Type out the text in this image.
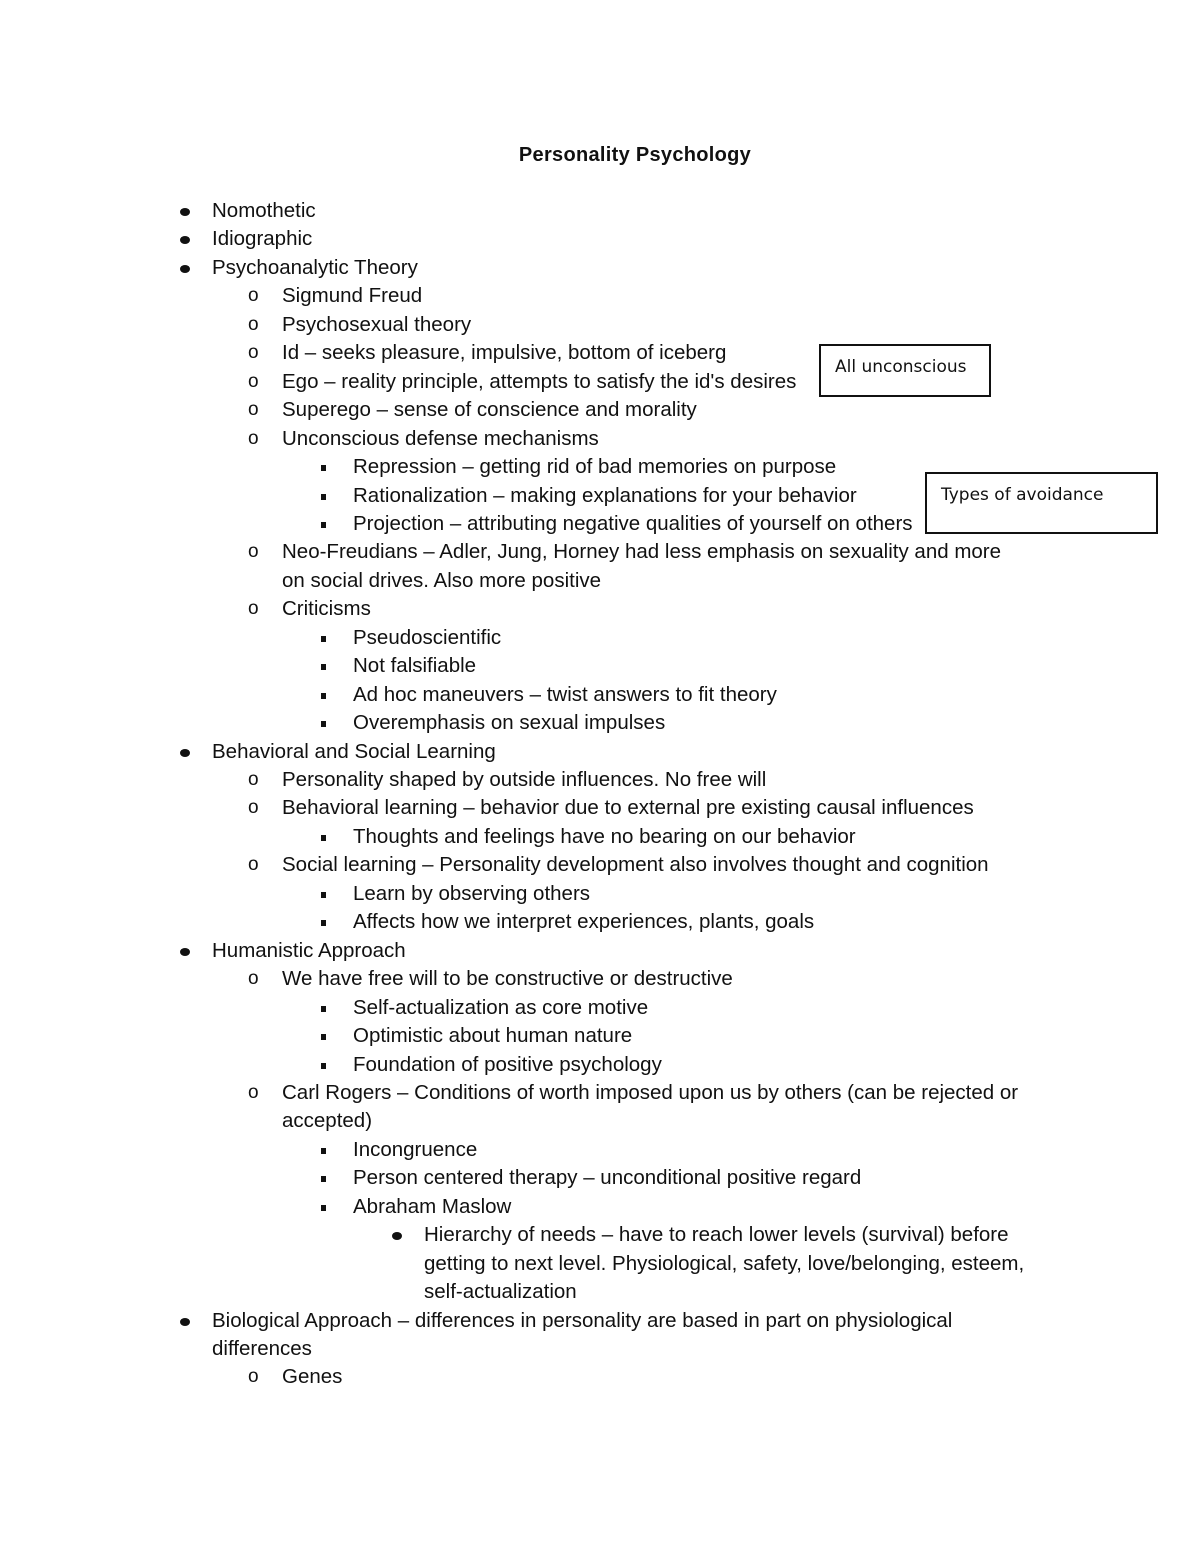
Personality Psychology
Nomothetic
Idiographic
Psychoanalytic Theory
o	Sigmund Freud
o	Psychosexual theory
o	Id – seeks pleasure, impulsive, bottom of iceberg
o	Ego – reality principle, attempts to satisfy the id's desires
o	Superego – sense of conscience and morality
o	Unconscious defense mechanisms
Repression – getting rid of bad memories on purpose
Rationalization – making explanations for your behavior
Projection – attributing negative qualities of yourself on others
o	Neo-Freudians – Adler, Jung, Horney had less emphasis on sexuality and more
on social drives. Also more positive
o	Criticisms
Pseudoscientific
Not falsifiable
Ad hoc maneuvers – twist answers to fit theory
Overemphasis on sexual impulses
Behavioral and Social Learning
o	Personality shaped by outside influences. No free will
o	Behavioral learning – behavior due to external pre existing causal influences
Thoughts and feelings have no bearing on our behavior
o	Social learning – Personality development also involves thought and cognition
Learn by observing others
Affects how we interpret experiences, plants, goals
Humanistic Approach
o	We have free will to be constructive or destructive
Self-actualization as core motive
Optimistic about human nature
Foundation of positive psychology
o	Carl Rogers – Conditions of worth imposed upon us by others (can be rejected or
accepted)
Incongruence
Person centered therapy – unconditional positive regard
Abraham Maslow
Hierarchy of needs – have to reach lower levels (survival) before
getting to next level. Physiological, safety, love/belonging, esteem,
self-actualization
Biological Approach – differences in personality are based in part on physiological
differences
o	Genes
All unconscious
Types of avoidance
